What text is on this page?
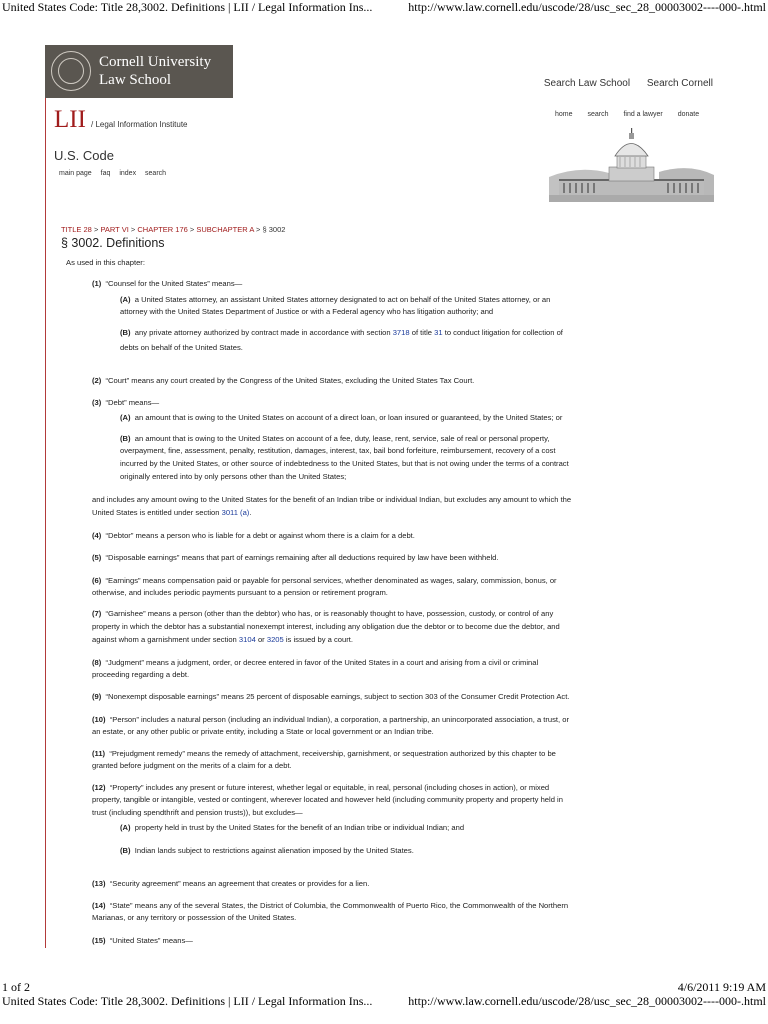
United States Code: Title 28,3002. Definitions | LII / Legal Information Ins...	http://www.law.cornell.edu/uscode/28/usc_sec_28_00003002----000-.html
Cornell University
Law School	Search Law School Search Cornell
LII / Legal Information Institute
home search find a lawyer donate
U.S. Code
main page faq index search
TITLE 28 > PART VI > CHAPTER 176 > SUBCHAPTER A > § 3002
§ 3002. Definitions
As used in this chapter:
(1) “Counsel for the United States” means—
(A) a United States attorney, an assistant United States attorney designated to act on behalf of the United States attorney, or an
attorney with the United States Department of Justice or with a Federal agency who has litigation authority; and
(B) any private attorney authorized by contract made in accordance with section 3718 of title 31 to conduct litigation for collection of
debts on behalf of the United States.
(2) “Court” means any court created by the Congress of the United States, excluding the United States Tax Court.
(3) “Debt” means—
(A) an amount that is owing to the United States on account of a direct loan, or loan insured or guaranteed, by the United States; or
(B) an amount that is owing to the United States on account of a fee, duty, lease, rent, service, sale of real or personal property,
overpayment, fine, assessment, penalty, restitution, damages, interest, tax, bail bond forfeiture, reimbursement, recovery of a cost
incurred by the United States, or other source of indebtedness to the United States, but that is not owing under the terms of a contract
originally entered into by only persons other than the United States;
and includes any amount owing to the United States for the benefit of an Indian tribe or individual Indian, but excludes any amount to which the
United States is entitled under section 3011 (a).
(4) “Debtor” means a person who is liable for a debt or against whom there is a claim for a debt.
(5) “Disposable earnings” means that part of earnings remaining after all deductions required by law have been withheld.
(6) “Earnings” means compensation paid or payable for personal services, whether denominated as wages, salary, commission, bonus, or
otherwise, and includes periodic payments pursuant to a pension or retirement program.
(7) “Garnishee” means a person (other than the debtor) who has, or is reasonably thought to have, possession, custody, or control of any
property in which the debtor has a substantial nonexempt interest, including any obligation due the debtor or to become due the debtor, and
against whom a garnishment under section 3104 or 3205 is issued by a court.
(8) “Judgment” means a judgment, order, or decree entered in favor of the United States in a court and arising from a civil or criminal
proceeding regarding a debt.
(9) “Nonexempt disposable earnings” means 25 percent of disposable earnings, subject to section 303 of the Consumer Credit Protection Act.
(10) “Person” includes a natural person (including an individual Indian), a corporation, a partnership, an unincorporated association, a trust, or
an estate, or any other public or private entity, including a State or local government or an Indian tribe.
(11) “Prejudgment remedy” means the remedy of attachment, receivership, garnishment, or sequestration authorized by this chapter to be
granted before judgment on the merits of a claim for a debt.
(12) “Property” includes any present or future interest, whether legal or equitable, in real, personal (including choses in action), or mixed
property, tangible or intangible, vested or contingent, wherever located and however held (including community property and property held in
trust (including spendthrift and pension trusts)), but excludes—
(A) property held in trust by the United States for the benefit of an Indian tribe or individual Indian; and
(B) Indian lands subject to restrictions against alienation imposed by the United States.
(13) “Security agreement” means an agreement that creates or provides for a lien.
(14) “State” means any of the several States, the District of Columbia, the Commonwealth of Puerto Rico, the Commonwealth of the Northern
Marianas, or any territory or possession of the United States.
(15) “United States” means—
1 of 2	4/6/2011 9:19 AM
United States Code: Title 28,3002. Definitions | LII / Legal Information Ins...	http://www.law.cornell.edu/uscode/28/usc_sec_28_00003002----000-.html
